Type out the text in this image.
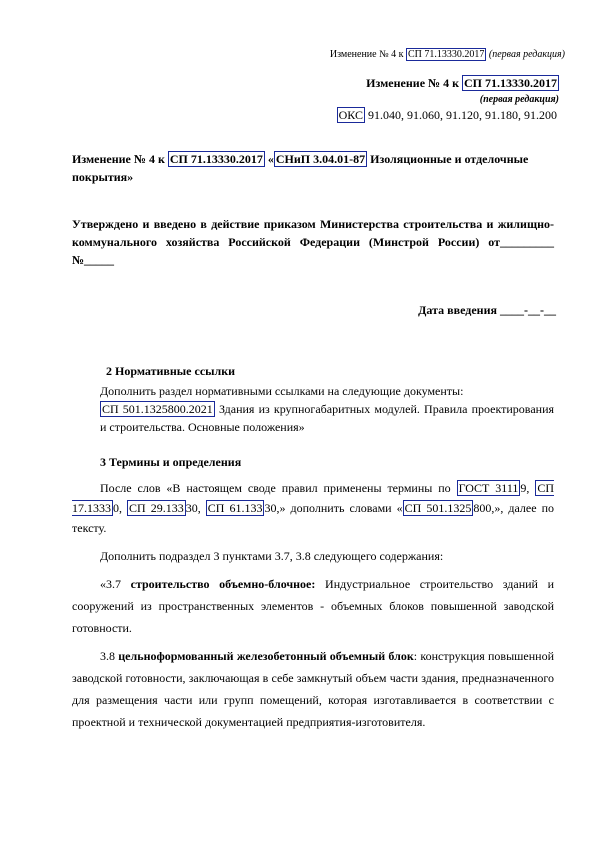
Изменение № 4 к СП 71.13330.2017 (первая редакция)
Изменение № 4 к СП 71.13330.2017
(первая редакция)
ОКС 91.040, 91.060, 91.120, 91.180, 91.200
Изменение № 4 к СП 71.13330.2017 « СНиП 3.04.01-87 Изоляционные и отделочные покрытия»
Утверждено и введено в действие приказом Министерства строительства и жилищно-коммунального хозяйства Российской Федерации (Минстрой России) от_________ №_____
Дата введения ____-__-__
2 Нормативные ссылки
Дополнить раздел нормативными ссылками на следующие документы:
СП 501.1325800.2021 Здания из крупногабаритных модулей. Правила проектирования и строительства. Основные положения»
3 Термины и определения
После слов «В настоящем своде правил применены термины по ГОСТ 3111 9, СП 17.1333 0, СП 29.133 30, СП 61.133 30,» дополнить словами « СП 501.1325 800,», далее по тексту.
Дополнить подраздел 3 пунктами 3.7, 3.8 следующего содержания:
«3.7 строительство объемно-блочное: Индустриальное строительство зданий и сооружений из пространственных элементов - объемных блоков повышенной заводской готовности.
3.8 цельноформованный железобетонный объемный блок: конструкция повышенной заводской готовности, заключающая в себе замкнутый объем части здания, предназначенного для размещения части или групп помещений, которая изготавливается в соответствии с проектной и технической документацией предприятия-изготовителя.
